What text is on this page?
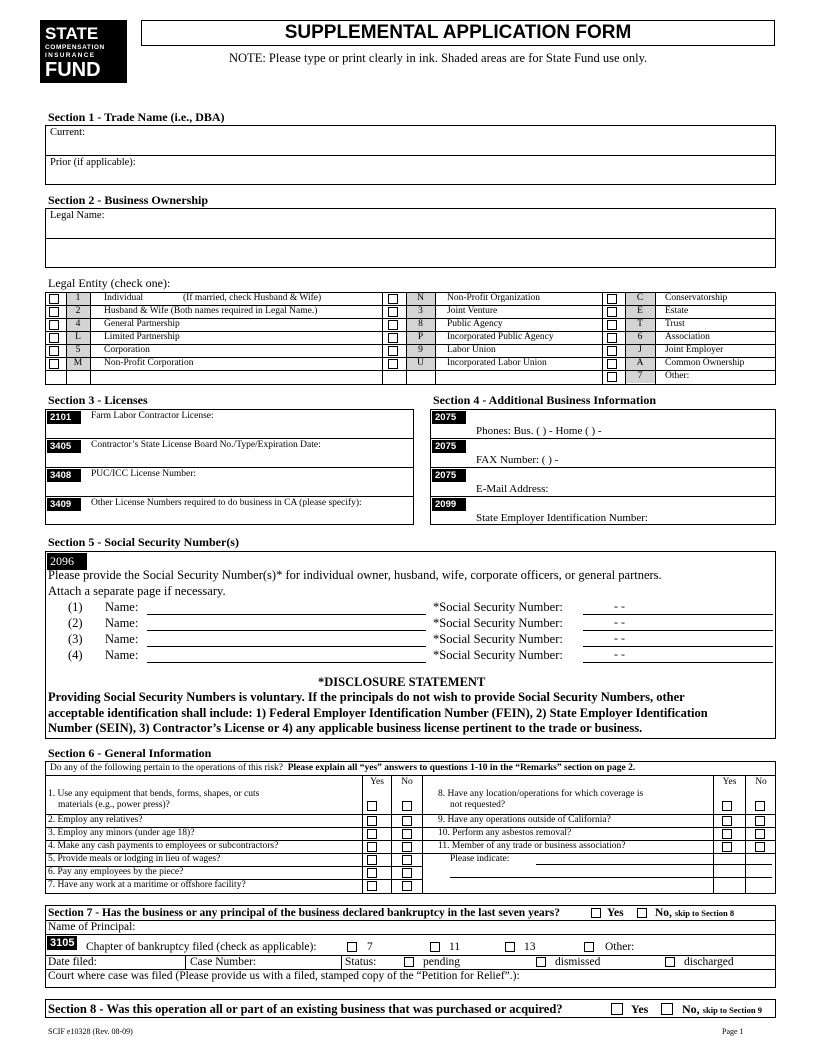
STATE
COMPENSATION
INSURANCE
FUND
SUPPLEMENTAL APPLICATION FORM
NOTE: Please type or print clearly in ink. Shaded areas are for State Fund use only.
Section 1 - Trade Name (i.e., DBA)
Current:
Prior (if applicable):
Section 2 - Business Ownership
Legal Name:
Legal Entity (check one):
1	Individual	(If married, check Husband & Wife)
2	Husband & Wife (Both names required in Legal Name.)
4	General Partnership
L	Limited Partnership
5	Corporation
M	Non-Profit Corporation
N	Non-Profit Organization
3	Joint Venture
8	Public Agency
P	Incorporated Public Agency
9	Labor Union
U	Incorporated Labor Union
C	Conservatorship
E	Estate
T	Trust
6	Association
J	Joint Employer
A	Common Ownership
7	Other:
Section 3 - Licenses
2101	Farm Labor Contractor License:
3405	Contractor’s State License Board No./Type/Expiration Date:
3408	PUC/ICC License Number:
3409	Other License Numbers required to do business in CA (please specify):
Section 4 - Additional Business Information
2075
Phones: Bus. ( ) - Home ( ) -
2075
FAX Number: ( ) -
2075
E-Mail Address:
2099
State Employer Identification Number:
Section 5 - Social Security Number(s)
2096
Please provide the Social Security Number(s)* for individual owner, husband, wife, corporate officers, or general partners.
Attach a separate page if necessary.
(1) Name:	*Social Security Number:	- -
(2) Name:	*Social Security Number:	- -
(3) Name:	*Social Security Number:	- -
(4) Name:	*Social Security Number:	- -
*DISCLOSURE STATEMENT
Providing Social Security Numbers is voluntary. If the principals do not wish to provide Social Security Numbers, other
acceptable identification shall include: 1) Federal Employer Identification Number (FEIN), 2) State Employer Identification
Number (SEIN), 3) Contractor’s License or 4) any applicable business license pertinent to the trade or business.
Section 6 - General Information
Do any of the following pertain to the operations of this risk? Please explain all “yes” answers to questions 1-10 in the “Remarks” section on page 2.
Yes	No	Yes	No
1. Use any equipment that bends, forms, shapes, or cuts
materials (e.g., power press)?
2. Employ any relatives?
3. Employ any minors (under age 18)?
4. Make any cash payments to employees or subcontractors?
5. Provide meals or lodging in lieu of wages?
6. Pay any employees by the piece?
7. Have any work at a maritime or offshore facility?
8. Have any location/operations for which coverage is
not requested?
9. Have any operations outside of California?
10. Perform any asbestos removal?
11. Member of any trade or business association?
Please indicate:
Section 7 - Has the business or any principal of the business declared bankruptcy in the last seven years?	Yes	No, skip to Section 8
Name of Principal:
3105 Chapter of bankruptcy filed (check as applicable):	7	11	13	Other:
Date filed:	Case Number:	Status:	pending	dismissed	discharged
Court where case was filed (Please provide us with a filed, stamped copy of the “Petition for Relief”.):
Section 8 - Was this operation all or part of an existing business that was purchased or acquired?	Yes	No, skip to Section 9
SCIF e10328 (Rev. 08-09)	Page 1
